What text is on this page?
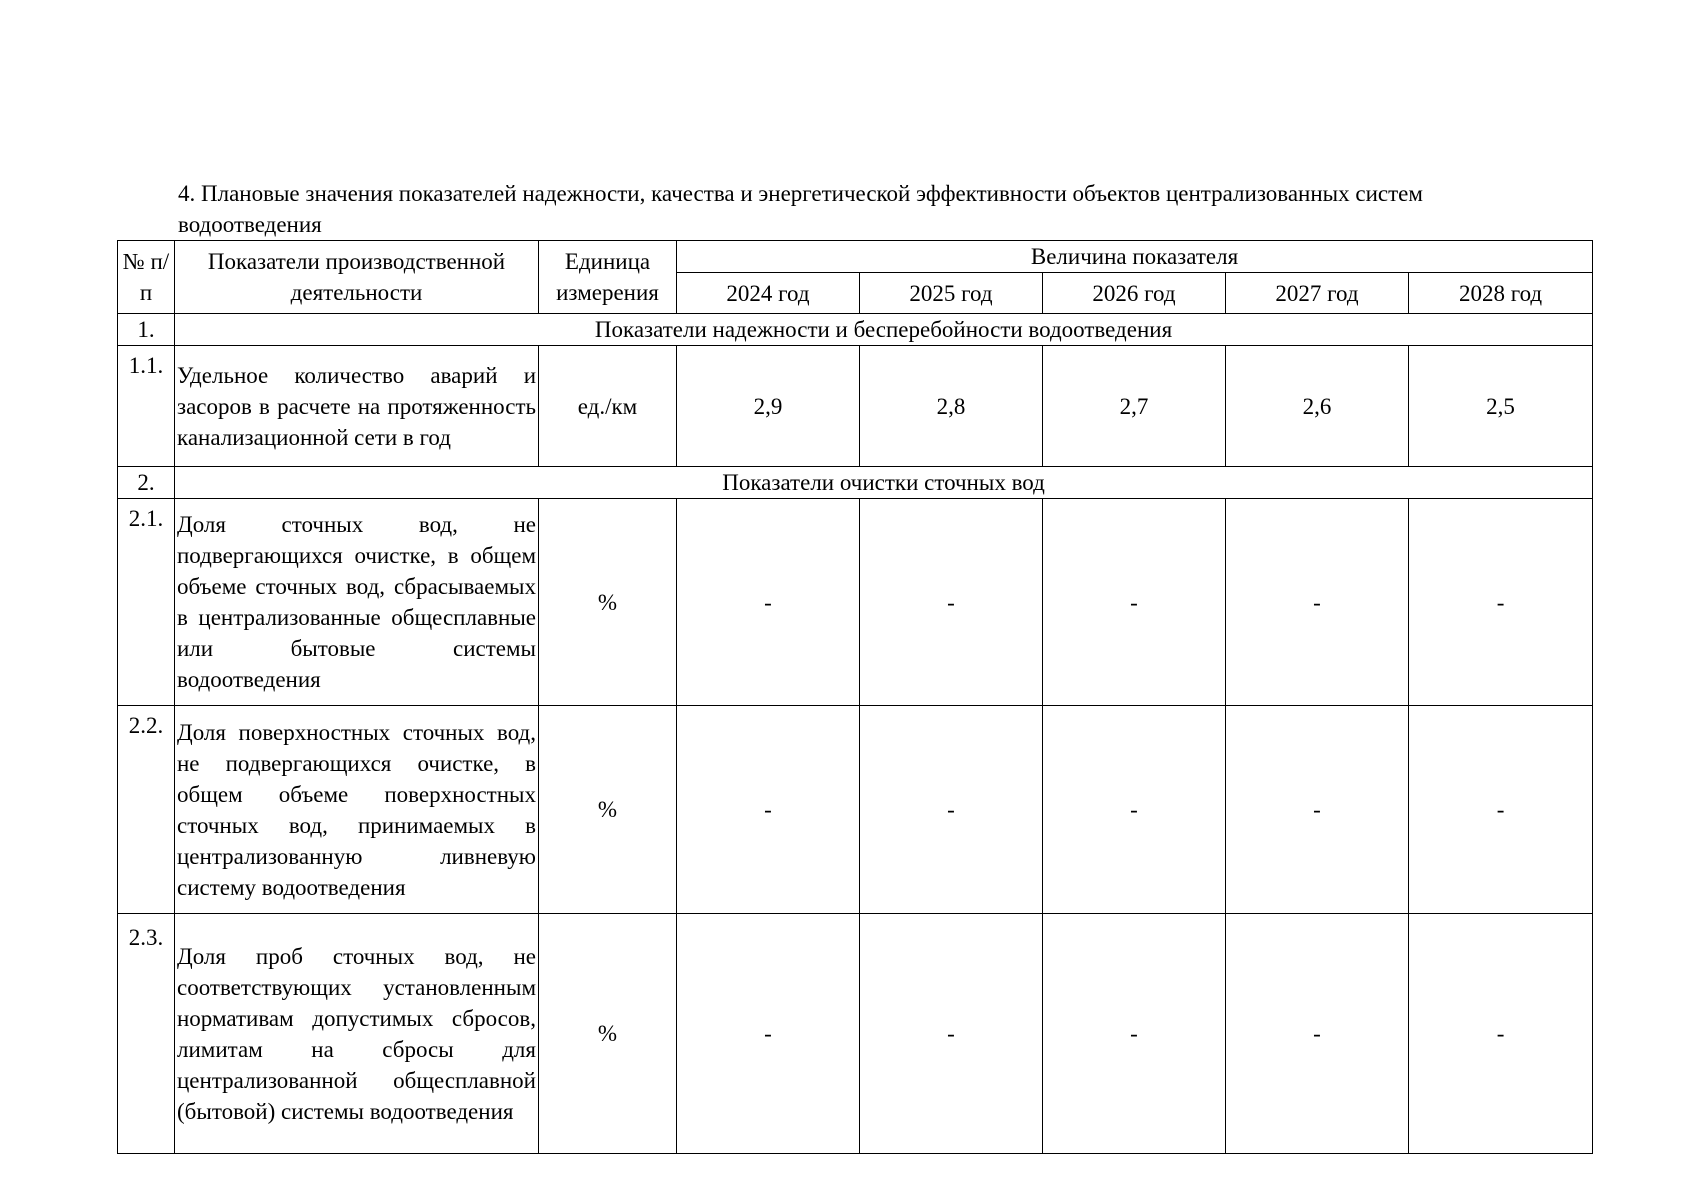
4. Плановые значения показателей надежности, качества и энергетической эффективности объектов централизованных систем водоотведения
№ п/п	Показатели производственной деятельности	Единица измерения	Величина показателя				
			2024 год	2025 год	2026 год	2027 год	2028 год
1.	Показатели надежности и бесперебойности водоотведения						
1.1.	Удельное количество аварий и засоров в расчете на протяженность канализационной сети в год	ед./км	2,9	2,8	2,7	2,6	2,5
2.	Показатели очистки сточных вод						
2.1.	Доля сточных вод, не подвергающихся очистке, в общем объеме сточных вод, сбрасываемых в централизованные общесплавные или бытовые системы водоотведения	%	-	-	-	-	-
2.2.	Доля поверхностных сточных вод, не подвергающихся очистке, в общем объеме поверхностных сточных вод, принимаемых в централизованную ливневую систему водоотведения	%	-	-	-	-	-
2.3.	Доля проб сточных вод, не соответствующих установленным нормативам допустимых сбросов, лимитам на сбросы для централизованной общесплавной (бытовой) системы водоотведения	%	-	-	-	-	-
